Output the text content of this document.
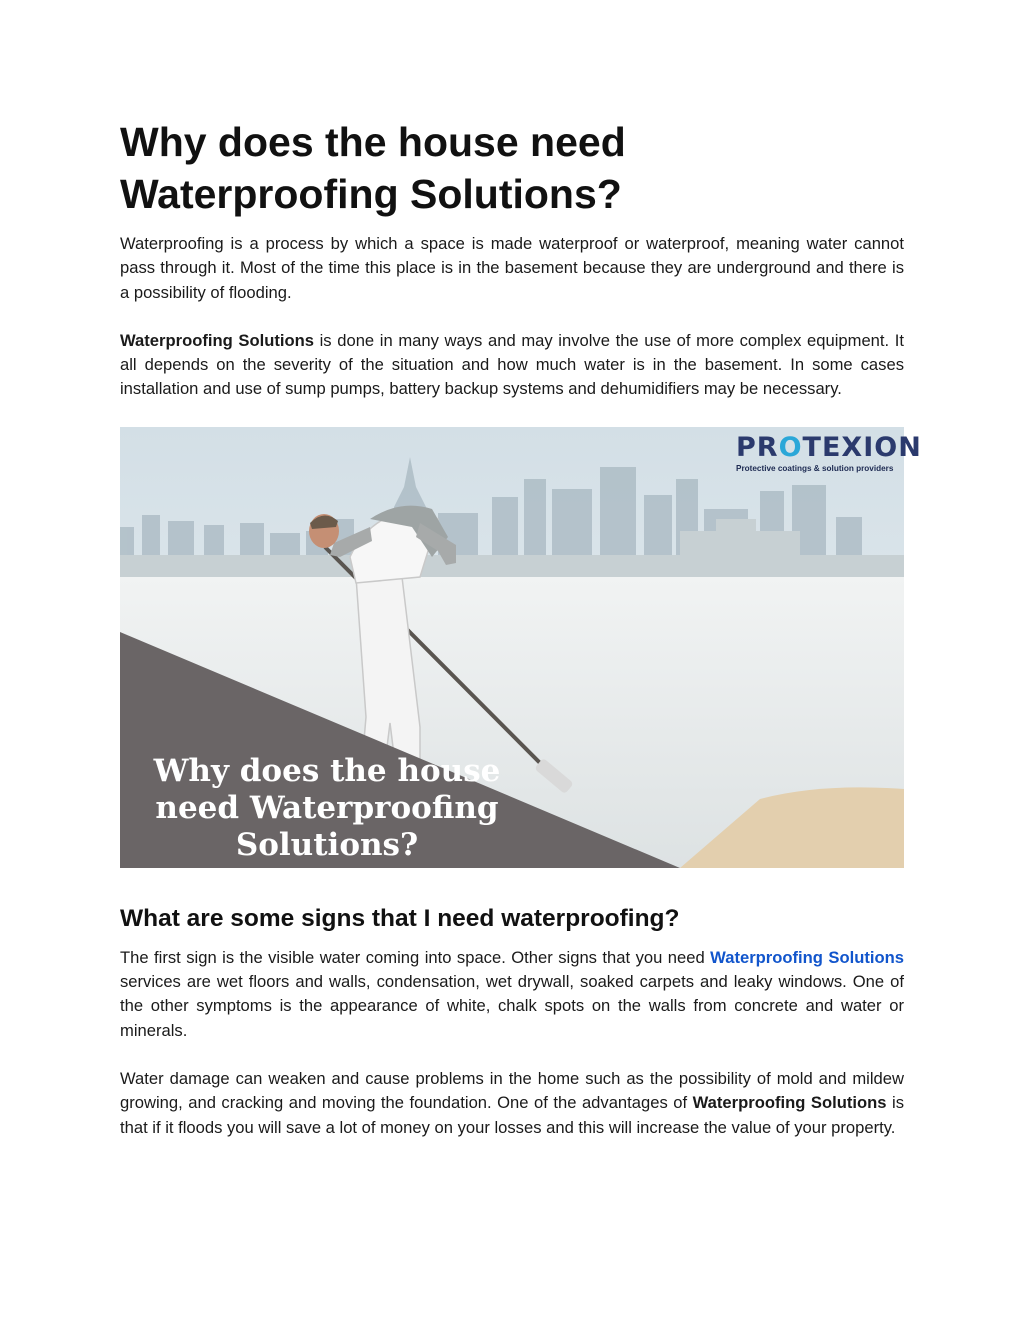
Why does the house need Waterproofing Solutions?

Waterproofing is a process by which a space is made waterproof or waterproof, meaning water cannot pass through it. Most of the time this place is in the basement because they are underground and there is a possibility of flooding.

Waterproofing Solutions is done in many ways and may involve the use of more complex equipment. It all depends on the severity of the situation and how much water is in the basement. In some cases installation and use of sump pumps, battery backup systems and dehumidifiers may be necessary.

PROTEXION
Protective coatings & solution providers
Why does the house
need Waterproofing
Solutions?
What are some signs that I need waterproofing?

The first sign is the visible water coming into space. Other signs that you need Waterproofing Solutions services are wet floors and walls, condensation, wet drywall, soaked carpets and leaky windows. One of the other symptoms is the appearance of white, chalk spots on the walls from concrete and water or minerals.

Water damage can weaken and cause problems in the home such as the possibility of mold and mildew growing, and cracking and moving the foundation. One of the advantages of Waterproofing Solutions is that if it floods you will save a lot of money on your losses and this will increase the value of your property.
